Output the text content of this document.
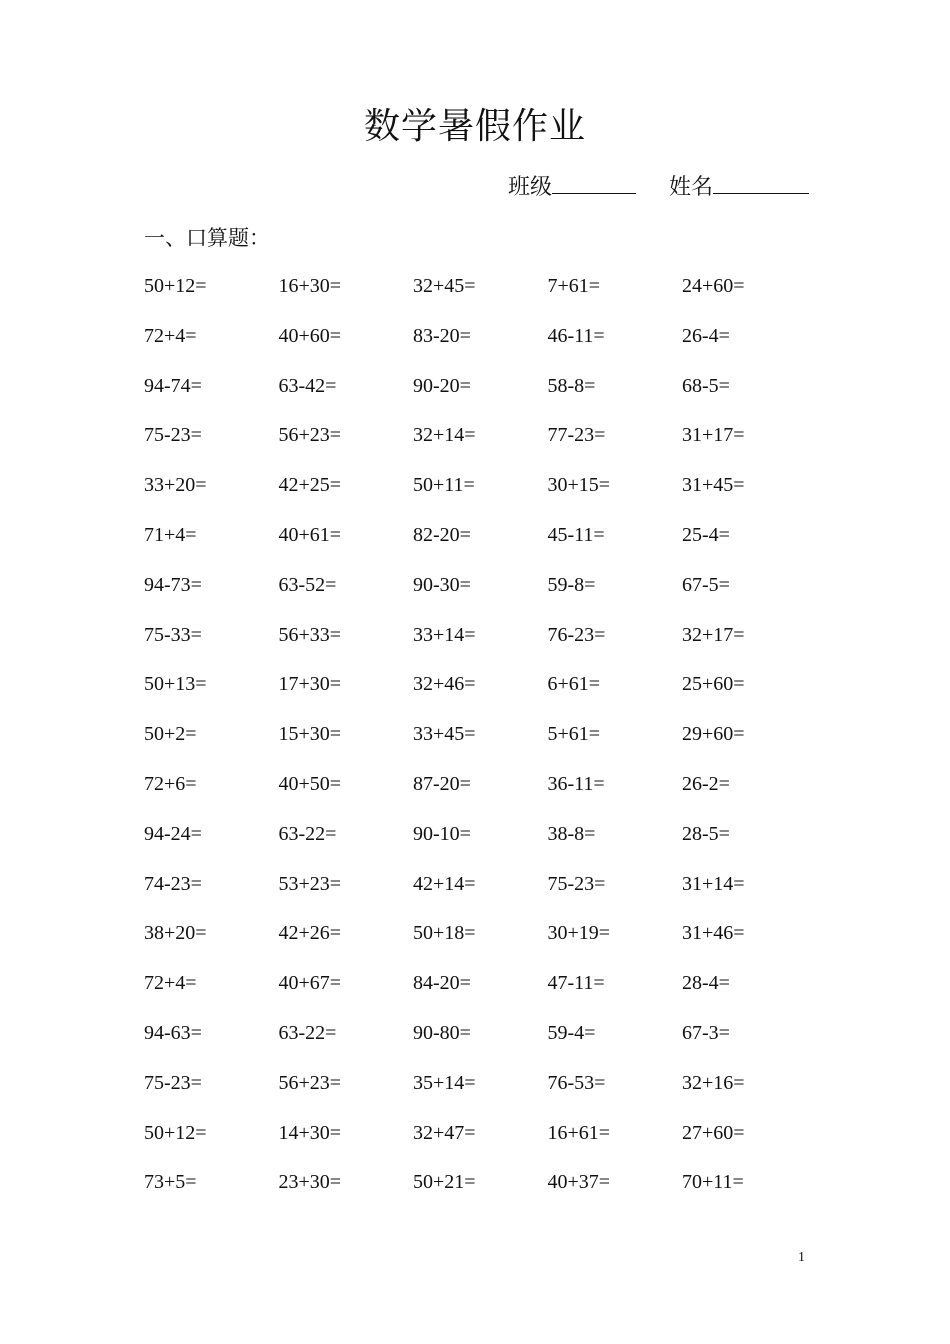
数学暑假作业
班级	姓名
一、口算题：
50+12=	16+30=	32+45=	7+61=	24+60=
72+4=	40+60=	83-20=	46-11=	26-4=
94-74=	63-42=	90-20=	58-8=	68-5=
75-23=	56+23=	32+14=	77-23=	31+17=
33+20=	42+25=	50+11=	30+15=	31+45=
71+4=	40+61=	82-20=	45-11=	25-4=
94-73=	63-52=	90-30=	59-8=	67-5=
75-33=	56+33=	33+14=	76-23=	32+17=
50+13=	17+30=	32+46=	6+61=	25+60=
50+2=	15+30=	33+45=	5+61=	29+60=
72+6=	40+50=	87-20=	36-11=	26-2=
94-24=	63-22=	90-10=	38-8=	28-5=
74-23=	53+23=	42+14=	75-23=	31+14=
38+20=	42+26=	50+18=	30+19=	31+46=
72+4=	40+67=	84-20=	47-11=	28-4=
94-63=	63-22=	90-80=	59-4=	67-3=
75-23=	56+23=	35+14=	76-53=	32+16=
50+12=	14+30=	32+47=	16+61=	27+60=
73+5=	23+30=	50+21=	40+37=	70+11=
1
